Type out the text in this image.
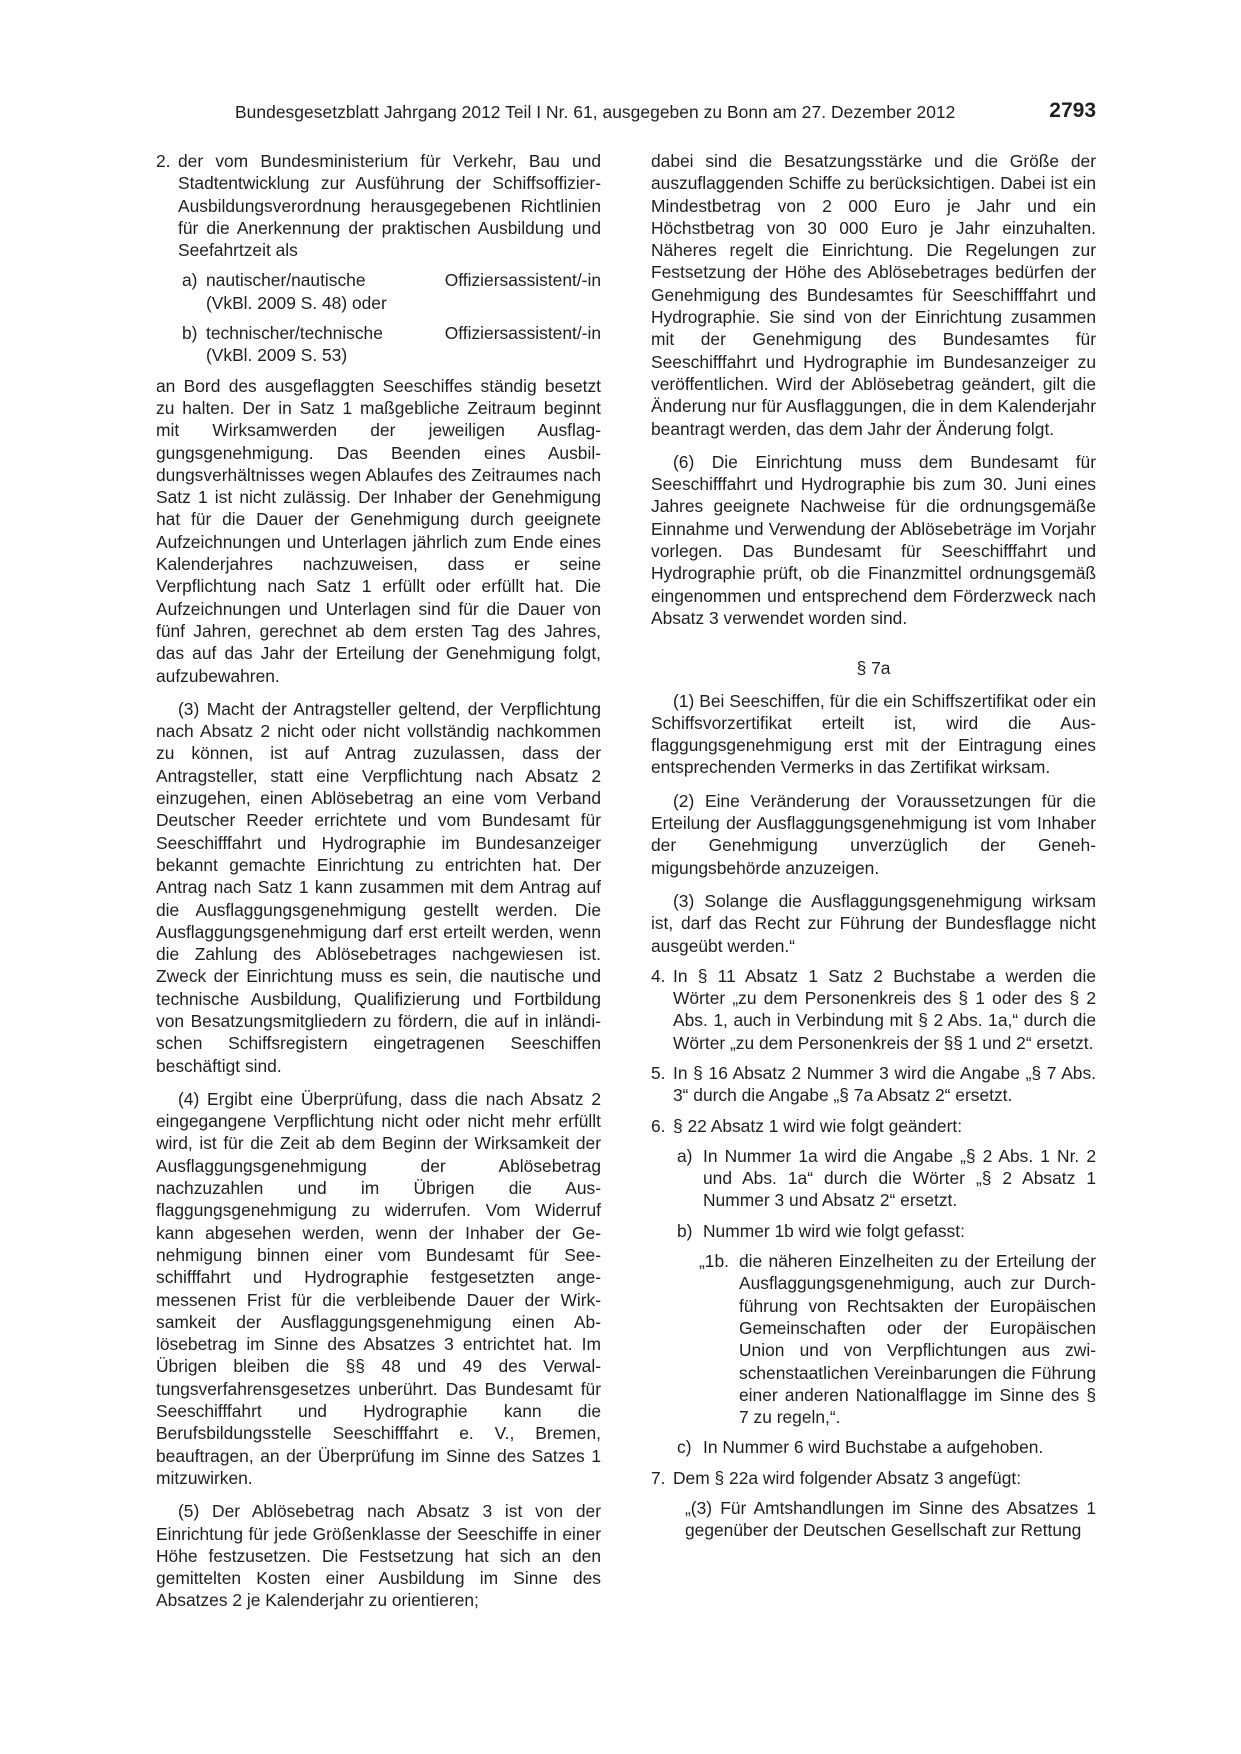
Bundesgesetzblatt Jahrgang 2012 Teil I Nr. 61, ausgegeben zu Bonn am 27. Dezember 2012	2793
2. der vom Bundesministerium für Verkehr, Bau und Stadtentwicklung zur Ausführung der Schiffsoffizier-Ausbildungsverordnung herausgegebenen Richtlinien für die Anerkennung der praktischen Ausbildung und Seefahrtzeit als
a) nautischer/nautische	Offiziersassistent/-in
(VkBl. 2009 S. 48) oder
b) technischer/technische	Offiziersassistent/-in
(VkBl. 2009 S. 53)

an Bord des ausgeflaggten Seeschiffes ständig besetzt zu halten. Der in Satz 1 maßgebliche Zeitraum beginnt mit Wirksamwerden der jeweiligen Ausflaggungsgenehmigung. Das Beenden eines Ausbildungsverhältnisses wegen Ablaufes des Zeitraumes nach Satz 1 ist nicht zulässig. Der Inhaber der Genehmigung hat für die Dauer der Genehmigung durch geeignete Aufzeichnungen und Unterlagen jährlich zum Ende eines Kalenderjahres nachzuweisen, dass er seine Verpflichtung nach Satz 1 erfüllt oder erfüllt hat. Die Aufzeichnungen und Unterlagen sind für die Dauer von fünf Jahren, gerechnet ab dem ersten Tag des Jahres, das auf das Jahr der Erteilung der Genehmigung folgt, aufzubewahren.

(3) Macht der Antragsteller geltend, der Verpflichtung nach Absatz 2 nicht oder nicht vollständig nachkommen zu können, ist auf Antrag zuzulassen, dass der Antragsteller, statt eine Verpflichtung nach Absatz 2 einzugehen, einen Ablösebetrag an eine vom Verband Deutscher Reeder errichtete und vom Bundesamt für Seeschifffahrt und Hydrographie im Bundesanzeiger bekannt gemachte Einrichtung zu entrichten hat. Der Antrag nach Satz 1 kann zusammen mit dem Antrag auf die Ausflaggungsgenehmigung gestellt werden. Die Ausflaggungsgenehmigung darf erst erteilt werden, wenn die Zahlung des Ablösebetrages nachgewiesen ist. Zweck der Einrichtung muss es sein, die nautische und technische Ausbildung, Qualifizierung und Fortbildung von Besatzungsmitgliedern zu fördern, die auf in inländischen Schiffsregistern eingetragenen Seeschiffen beschäftigt sind.

(4) Ergibt eine Überprüfung, dass die nach Absatz 2 eingegangene Verpflichtung nicht oder nicht mehr erfüllt wird, ist für die Zeit ab dem Beginn der Wirksamkeit der Ausflaggungsgenehmigung der Ablösebetrag nachzuzahlen und im Übrigen die Ausflaggungsgenehmigung zu widerrufen. Vom Widerruf kann abgesehen werden, wenn der Inhaber der Genehmigung binnen einer vom Bundesamt für Seeschifffahrt und Hydrographie festgesetzten angemessenen Frist für die verbleibende Dauer der Wirksamkeit der Ausflaggungsgenehmigung einen Ablösebetrag im Sinne des Absatzes 3 entrichtet hat. Im Übrigen bleiben die §§ 48 und 49 des Verwaltungsverfahrensgesetzes unberührt. Das Bundesamt für Seeschifffahrt und Hydrographie kann die Berufsbildungsstelle Seeschifffahrt e. V., Bremen, beauftragen, an der Überprüfung im Sinne des Satzes 1 mitzuwirken.

(5) Der Ablösebetrag nach Absatz 3 ist von der Einrichtung für jede Größenklasse der Seeschiffe in einer Höhe festzusetzen. Die Festsetzung hat sich an den gemittelten Kosten einer Ausbildung im Sinne des Absatzes 2 je Kalenderjahr zu orientieren;

dabei sind die Besatzungsstärke und die Größe der auszuflaggenden Schiffe zu berücksichtigen. Dabei ist ein Mindestbetrag von 2 000 Euro je Jahr und ein Höchstbetrag von 30 000 Euro je Jahr einzuhalten. Näheres regelt die Einrichtung. Die Regelungen zur Festsetzung der Höhe des Ablösebetrages bedürfen der Genehmigung des Bundesamtes für Seeschifffahrt und Hydrographie. Sie sind von der Einrichtung zusammen mit der Genehmigung des Bundesamtes für Seeschifffahrt und Hydrographie im Bundesanzeiger zu veröffentlichen. Wird der Ablösebetrag geändert, gilt die Änderung nur für Ausflaggungen, die in dem Kalenderjahr beantragt werden, das dem Jahr der Änderung folgt.

(6) Die Einrichtung muss dem Bundesamt für Seeschifffahrt und Hydrographie bis zum 30. Juni eines Jahres geeignete Nachweise für die ordnungsgemäße Einnahme und Verwendung der Ablösebeträge im Vorjahr vorlegen. Das Bundesamt für Seeschifffahrt und Hydrographie prüft, ob die Finanzmittel ordnungsgemäß eingenommen und entsprechend dem Förderzweck nach Absatz 3 verwendet worden sind.

§ 7a

(1) Bei Seeschiffen, für die ein Schiffszertifikat oder ein Schiffsvorzertifikat erteilt ist, wird die Ausflaggungsgenehmigung erst mit der Eintragung eines entsprechenden Vermerks in das Zertifikat wirksam.

(2) Eine Veränderung der Voraussetzungen für die Erteilung der Ausflaggungsgenehmigung ist vom Inhaber der Genehmigung unverzüglich der Genehmigungsbehörde anzuzeigen.

(3) Solange die Ausflaggungsgenehmigung wirksam ist, darf das Recht zur Führung der Bundesflagge nicht ausgeübt werden.“

4. In § 11 Absatz 1 Satz 2 Buchstabe a werden die Wörter „zu dem Personenkreis des § 1 oder des § 2 Abs. 1, auch in Verbindung mit § 2 Abs. 1a,“ durch die Wörter „zu dem Personenkreis der §§ 1 und 2“ ersetzt.
5. In § 16 Absatz 2 Nummer 3 wird die Angabe „§ 7 Abs. 3“ durch die Angabe „§ 7a Absatz 2“ ersetzt.
6. § 22 Absatz 1 wird wie folgt geändert:
a) In Nummer 1a wird die Angabe „§ 2 Abs. 1 Nr. 2 und Abs. 1a“ durch die Wörter „§ 2 Absatz 1 Nummer 3 und Absatz 2“ ersetzt.
b) Nummer 1b wird wie folgt gefasst:
„1b. die näheren Einzelheiten zu der Erteilung der Ausflaggungsgenehmigung, auch zur Durchführung von Rechtsakten der Europäischen Gemeinschaften oder der Europäischen Union und von Verpflichtungen aus zwischenstaatlichen Vereinbarungen die Führung einer anderen Nationalflagge im Sinne des § 7 zu regeln,“.
c) In Nummer 6 wird Buchstabe a aufgehoben.
7. Dem § 22a wird folgender Absatz 3 angefügt:

„(3) Für Amtshandlungen im Sinne des Absatzes 1 gegenüber der Deutschen Gesellschaft zur Rettung
